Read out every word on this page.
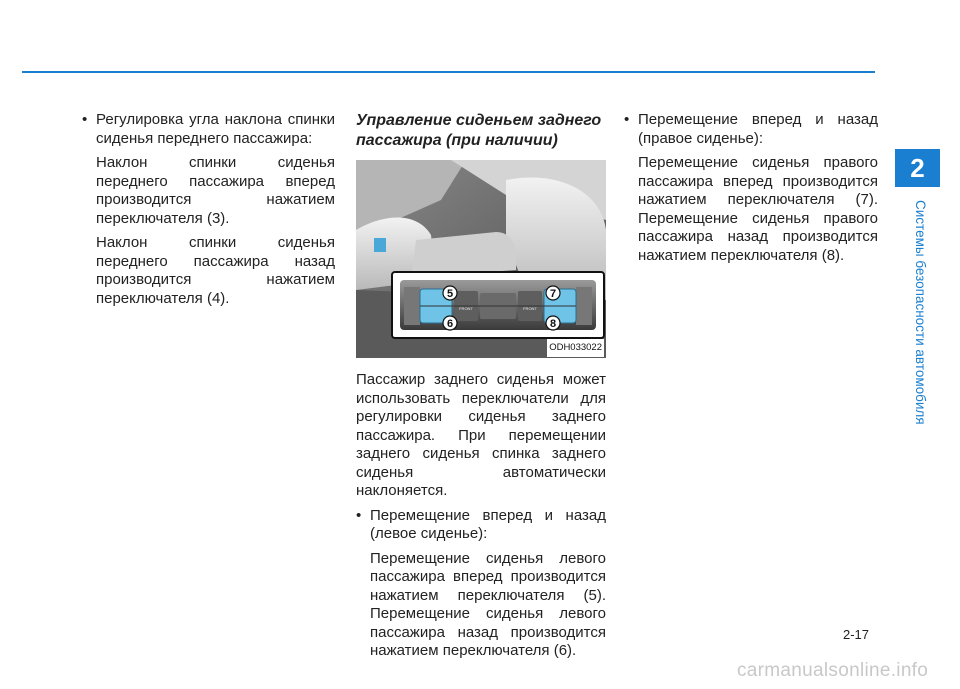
2
Системы безопасности автомобиля

• Регулировка угла наклона спинки сиденья переднего пассажира:

Наклон спинки сиденья переднего пассажира вперед производится нажатием переключателя (3).

Наклон спинки сиденья переднего пассажира назад производится нажатием переключателя (4).

Управление сиденьем заднего пассажира (при наличии)

5
6
7
8
FRONT	FRONT
ODH033022

Пассажир заднего сиденья может использовать переключатели для регулировки сиденья заднего пассажира. При перемещении заднего сиденья спинка заднего сиденья автоматически наклоняется.

• Перемещение вперед и назад (левое сиденье):

Перемещение сиденья левого пассажира вперед производится нажатием переключателя (5). Перемещение сиденья левого пассажира назад производится нажатием переключателя (6).

• Перемещение вперед и назад (правое сиденье):

Перемещение сиденья правого пассажира вперед производится нажатием переключателя (7). Перемещение сиденья правого пассажира назад производится нажатием переключателя (8).

2-17
carmanualsonline.info
